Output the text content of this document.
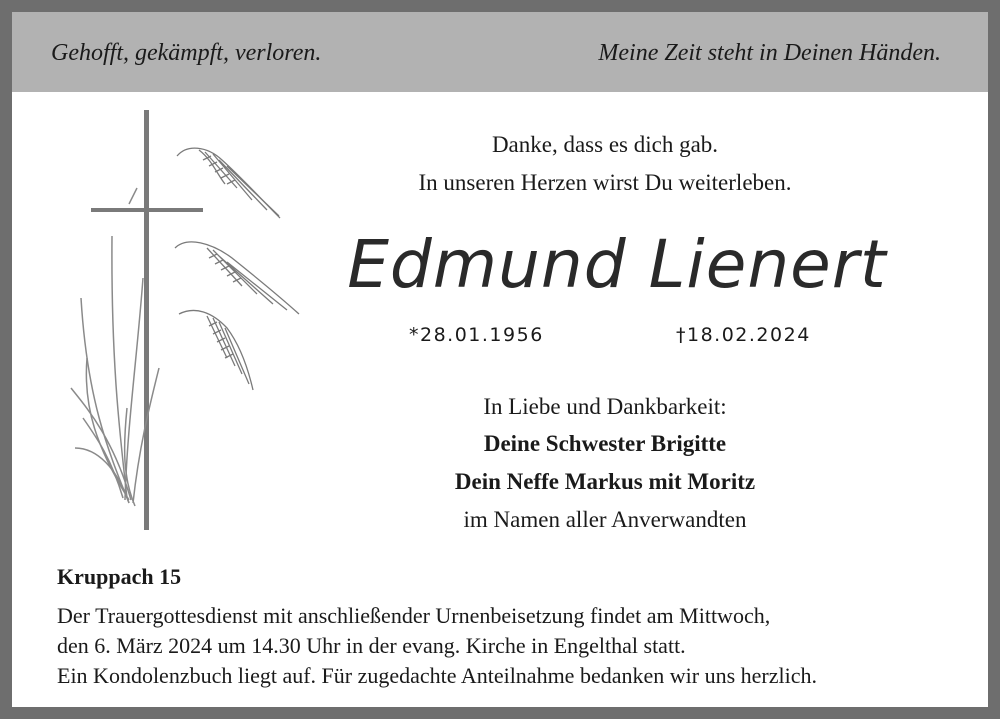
Gehofft, gekämpft, verloren.	Meine Zeit steht in Deinen Händen.
Danke, dass es dich gab.
In unseren Herzen wirst Du weiterleben.
Edmund Lienert
*28.01.1956	†18.02.2024
In Liebe und Dankbarkeit:
Deine Schwester Brigitte
Dein Neffe Markus mit Moritz
im Namen aller Anverwandten
Kruppach 15
Der Trauergottesdienst mit anschließender Urnenbeisetzung findet am Mittwoch,
den 6. März 2024 um 14.30 Uhr in der evang. Kirche in Engelthal statt.
Ein Kondolenzbuch liegt auf. Für zugedachte Anteilnahme bedanken wir uns herzlich.
